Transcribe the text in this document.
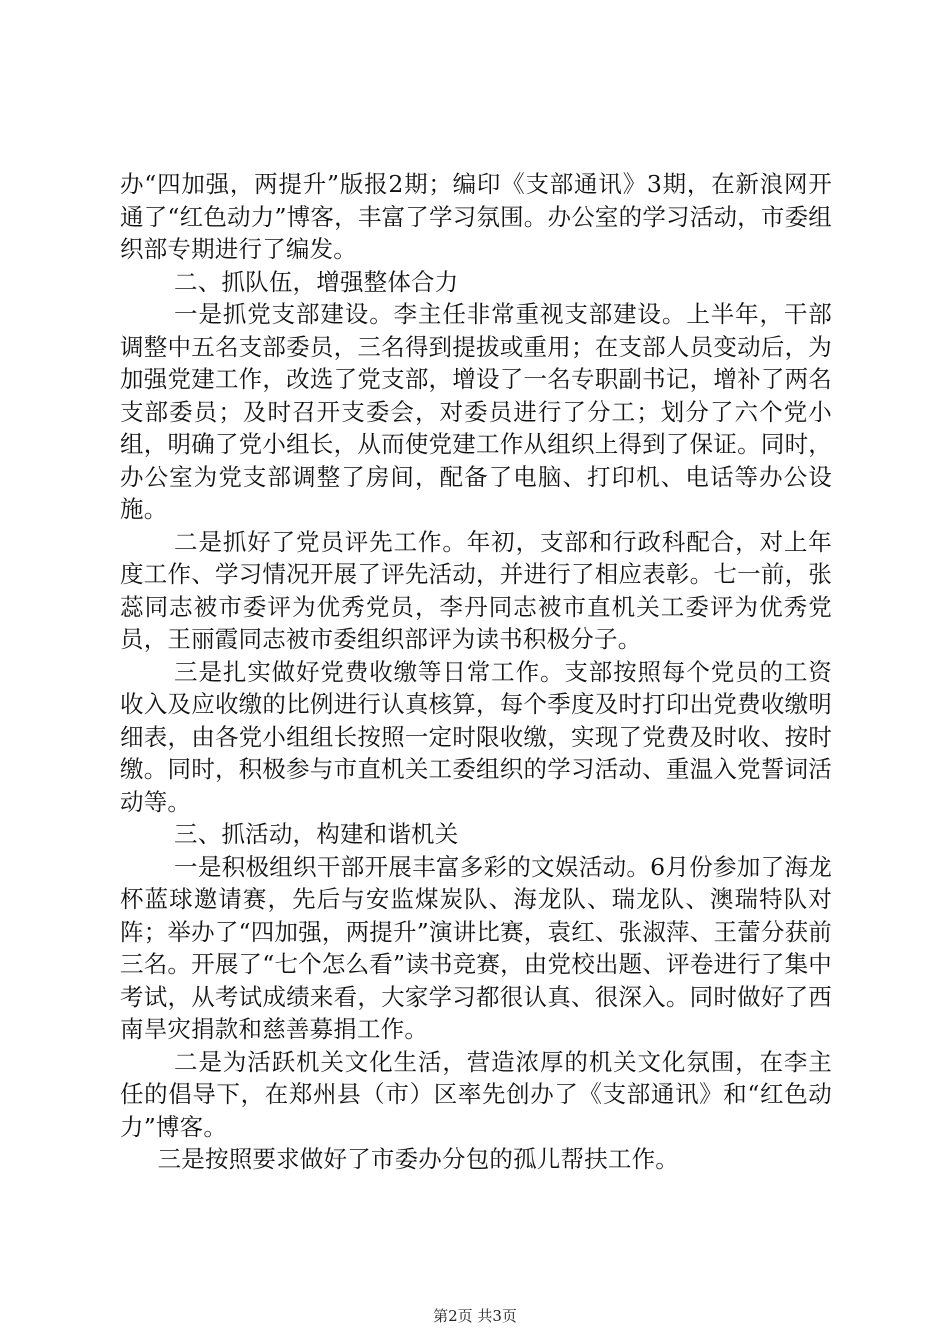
办“四加强，两提升”版报2期；编印《支部通讯》3期，在新浪网开通了“红色动力”博客，丰富了学习氛围。办公室的学习活动，市委组织部专期进行了编发。

二、抓队伍，增强整体合力

一是抓党支部建设。李主任非常重视支部建设。上半年，干部调整中五名支部委员，三名得到提拔或重用；在支部人员变动后，为加强党建工作，改选了党支部，增设了一名专职副书记，增补了两名支部委员；及时召开支委会，对委员进行了分工；划分了六个党小组，明确了党小组长，从而使党建工作从组织上得到了保证。同时，办公室为党支部调整了房间，配备了电脑、打印机、电话等办公设施。

二是抓好了党员评先工作。年初，支部和行政科配合，对上年度工作、学习情况开展了评先活动，并进行了相应表彰。七一前，张蕊同志被市委评为优秀党员，李丹同志被市直机关工委评为优秀党员，王丽霞同志被市委组织部评为读书积极分子。

三是扎实做好党费收缴等日常工作。支部按照每个党员的工资收入及应收缴的比例进行认真核算，每个季度及时打印出党费收缴明细表，由各党小组组长按照一定时限收缴，实现了党费及时收、按时缴。同时，积极参与市直机关工委组织的学习活动、重温入党誓词活动等。

三、抓活动，构建和谐机关

一是积极组织干部开展丰富多彩的文娱活动。6月份参加了海龙杯蓝球邀请赛，先后与安监煤炭队、海龙队、瑞龙队、澳瑞特队对阵；举办了“四加强，两提升”演讲比赛，袁红、张淑萍、王蕾分获前三名。开展了“七个怎么看”读书竞赛，由党校出题、评卷进行了集中考试，从考试成绩来看，大家学习都很认真、很深入。同时做好了西南旱灾捐款和慈善募捐工作。

二是为活跃机关文化生活，营造浓厚的机关文化氛围，在李主任的倡导下，在郑州县（市）区率先创办了《支部通讯》和“红色动力”博客。

三是按照要求做好了市委办分包的孤儿帮扶工作。

第2页 共3页
